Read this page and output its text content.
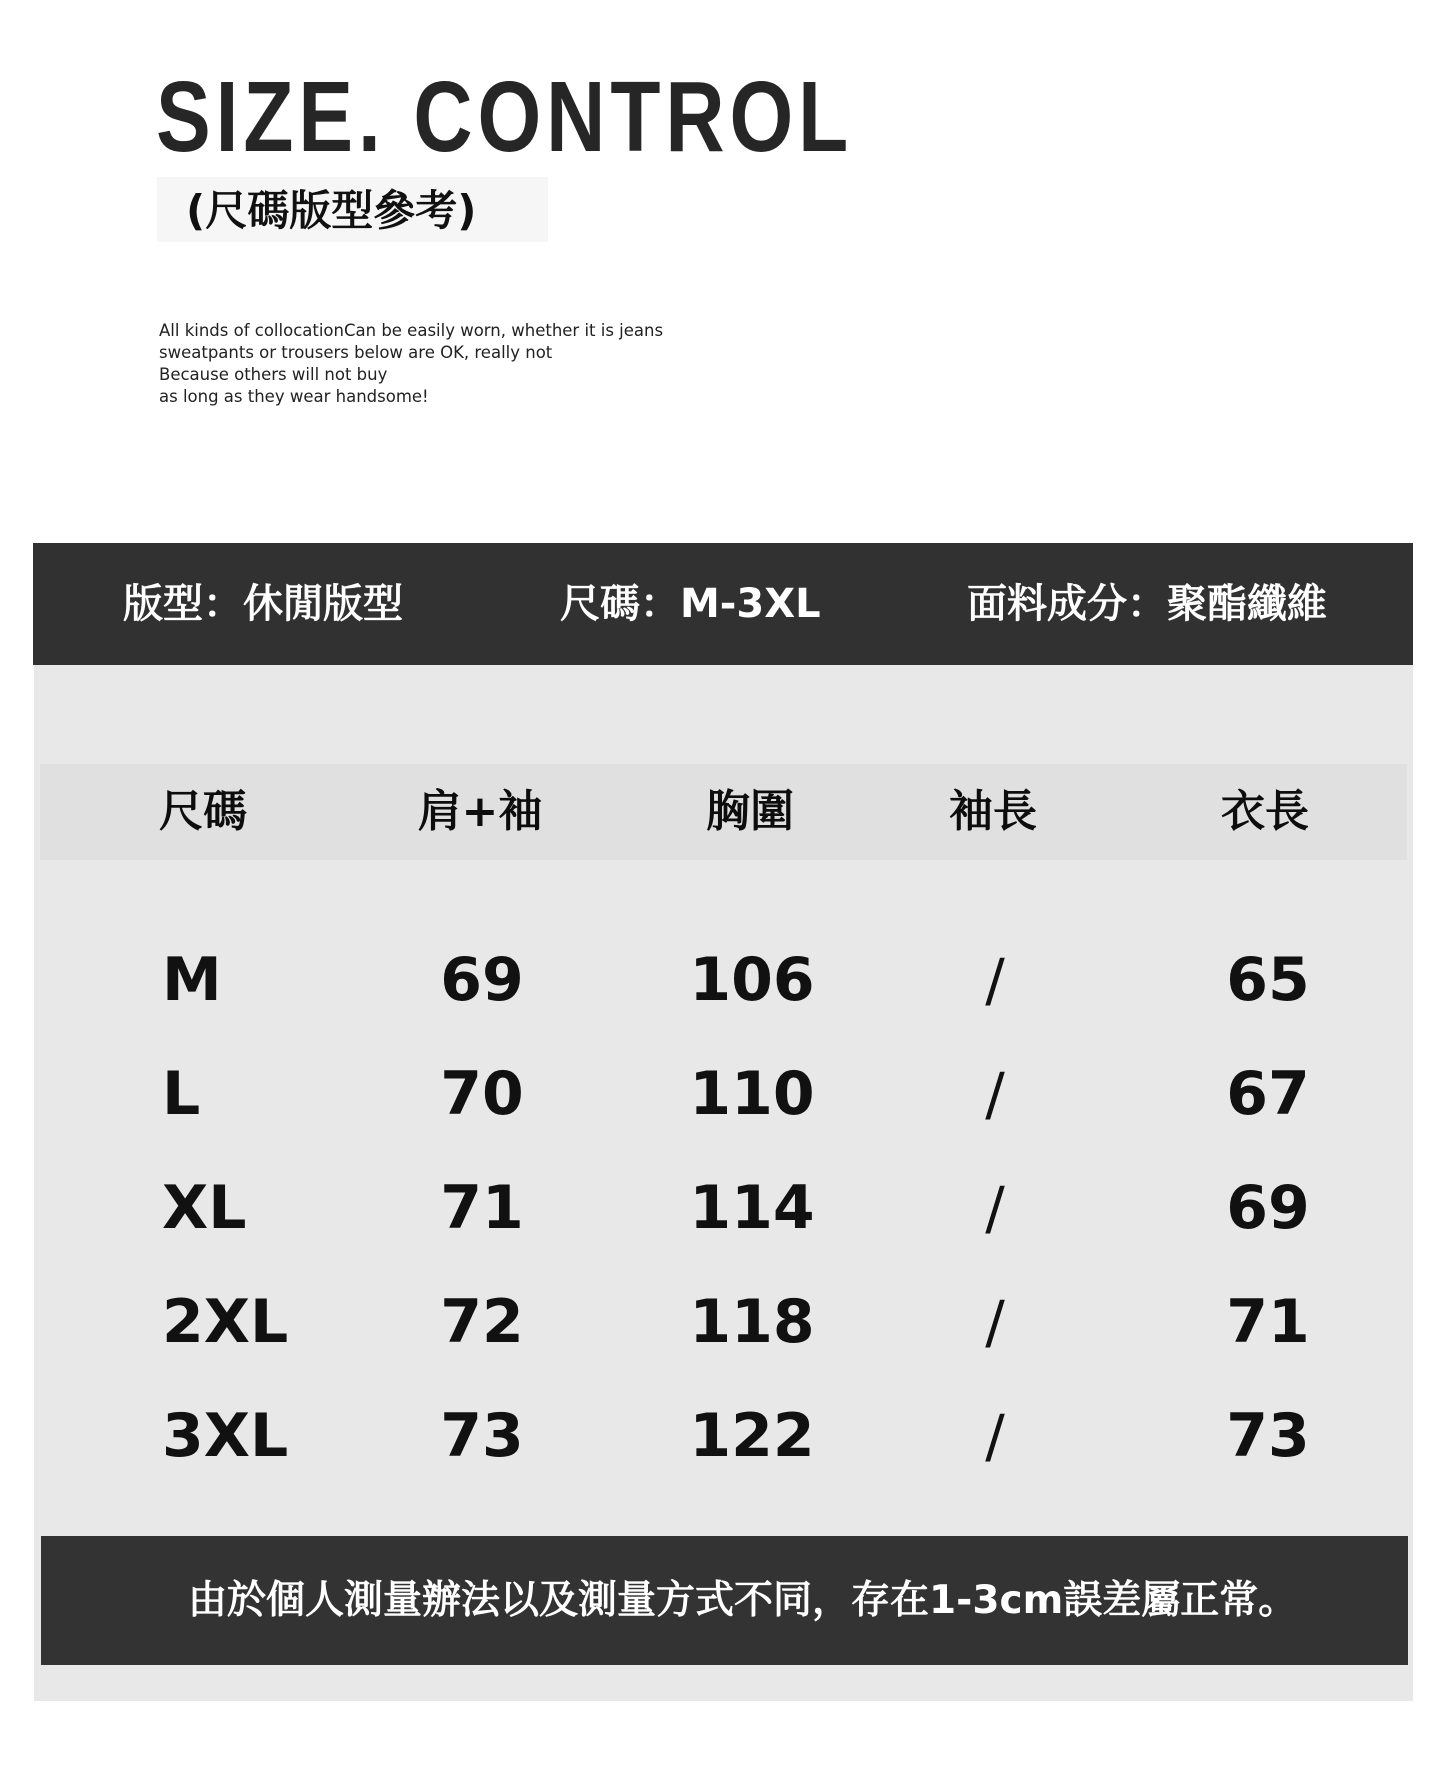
SIZE. CONTROL
(尺碼版型參考)
All kinds of collocationCan be easily worn, whether it is jeans
sweatpants or trousers below are OK, really not
Because others will not buy
as long as they wear handsome!
版型：休閒版型	尺碼：M-3XL	面料成分：聚酯纖維
尺碼	肩+袖	胸圍	袖長	衣長
M	69	106	/	65
L	70	110	/	67
XL	71	114	/	69
2XL	72	118	/	71
3XL	73	122	/	73
由於個人測量辦法以及測量方式不同，存在1-3cm誤差屬正常。
